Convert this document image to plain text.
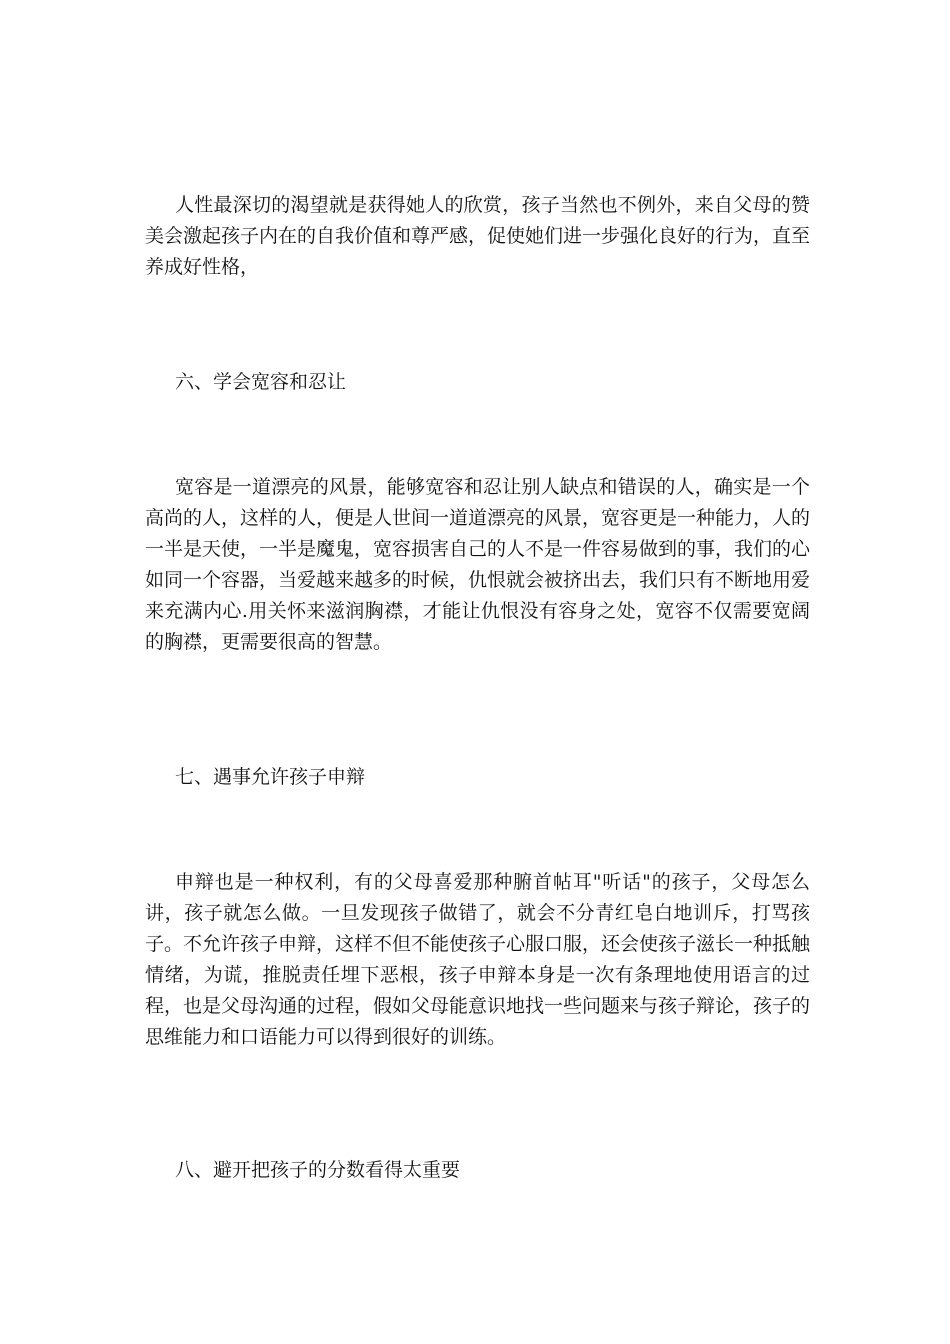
人性最深切的渴望就是获得她人的欣赏，孩子当然也不例外，来自父母的赞美会激起孩子内在的自我价值和尊严感，促使她们进一步强化良好的行为，直至养成好性格，

六、学会宽容和忍让

宽容是一道漂亮的风景，能够宽容和忍让别人缺点和错误的人，确实是一个高尚的人，这样的人，便是人世间一道道漂亮的风景，宽容更是一种能力，人的一半是天使，一半是魔鬼，宽容损害自己的人不是一件容易做到的事，我们的心如同一个容器，当爱越来越多的时候，仇恨就会被挤出去，我们只有不断地用爱来充满内心.用关怀来滋润胸襟，才能让仇恨没有容身之处，宽容不仅需要宽阔的胸襟，更需要很高的智慧。

七、遇事允许孩子申辩

申辩也是一种权利，有的父母喜爱那种腑首帖耳"听话"的孩子，父母怎么讲，孩子就怎么做。一旦发现孩子做错了，就会不分青红皂白地训斥，打骂孩子。不允许孩子申辩，这样不但不能使孩子心服口服，还会使孩子滋长一种抵触情绪，为谎，推脱责任埋下恶根，孩子申辩本身是一次有条理地使用语言的过程，也是父母沟通的过程，假如父母能意识地找一些问题来与孩子辩论，孩子的思维能力和口语能力可以得到很好的训练。

八、避开把孩子的分数看得太重要
